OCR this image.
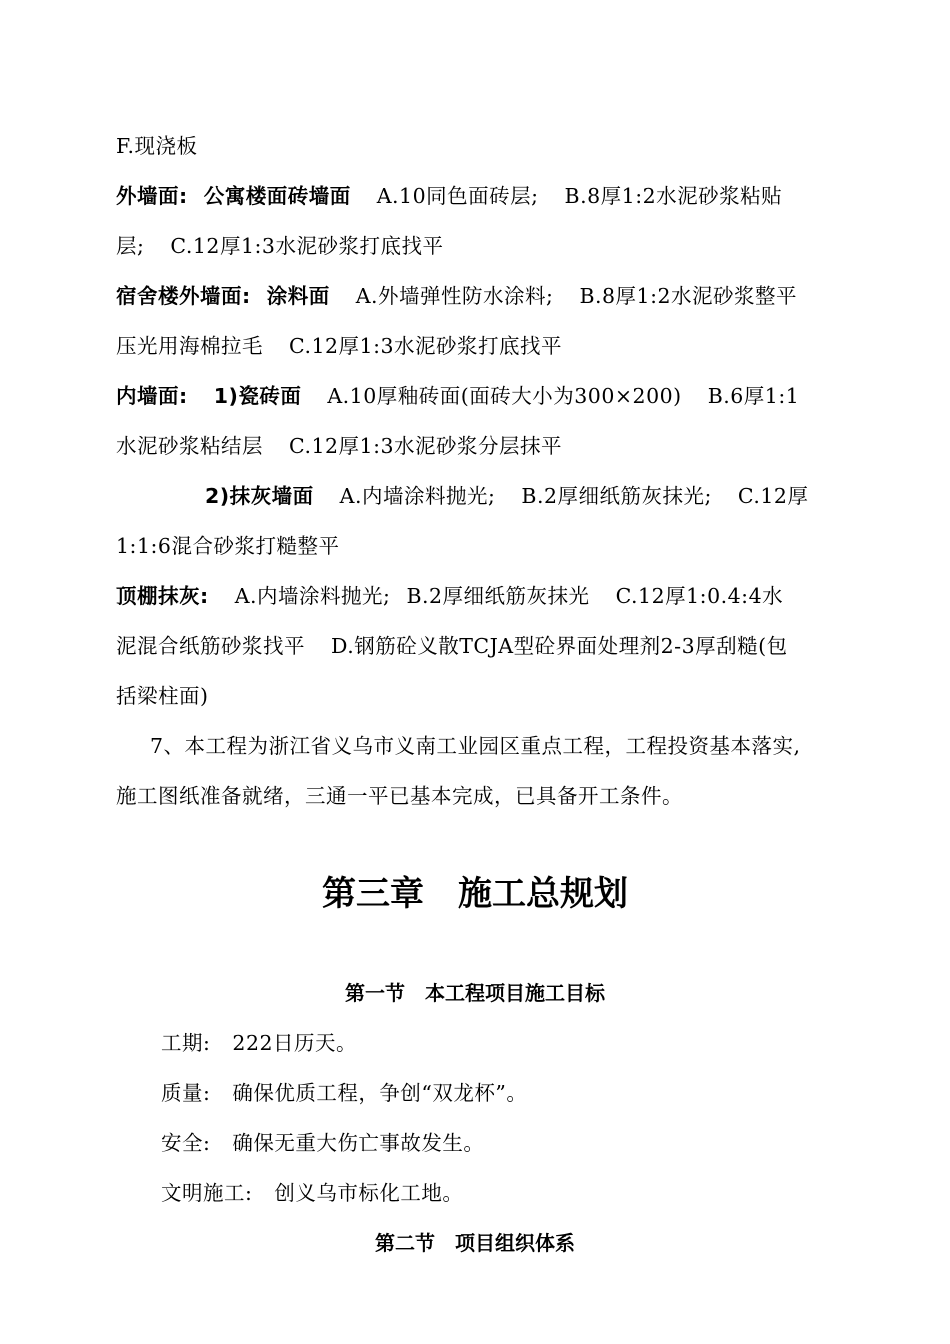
F.现浇板
外墙面: 公寓楼面砖墙面 A.10同色面砖层; B.8厚1:2水泥砂浆粘贴
层; C.12厚1:3水泥砂浆打底找平
宿舍楼外墙面: 涂料面 A.外墙弹性防水涂料; B.8厚1:2水泥砂浆整平
压光用海棉拉毛 C.12厚1:3水泥砂浆打底找平
内墙面: 1)瓷砖面 A.10厚釉砖面(面砖大小为300×200) B.6厚1:1
水泥砂浆粘结层 C.12厚1:3水泥砂浆分层抹平
2)抹灰墙面 A.内墙涂料抛光; B.2厚细纸筋灰抹光; C.12厚
1:1:6混合砂浆打糙整平
顶棚抹灰: A.内墙涂料抛光; B.2厚细纸筋灰抹光 C.12厚1:0.4:4水
泥混合纸筋砂浆找平 D.钢筋砼义散TCJA型砼界面处理剂2-3厚刮糙(包
括梁柱面)
7、本工程为浙江省义乌市义南工业园区重点工程，工程投资基本落实,
施工图纸准备就绪，三通一平已基本完成，已具备开工条件。
第三章　施工总规划
第一节　本工程项目施工目标
工期: 222日历天。
质量: 确保优质工程，争创“双龙杯”。
安全: 确保无重大伤亡事故发生。
文明施工: 创义乌市标化工地。
第二节　项目组织体系
